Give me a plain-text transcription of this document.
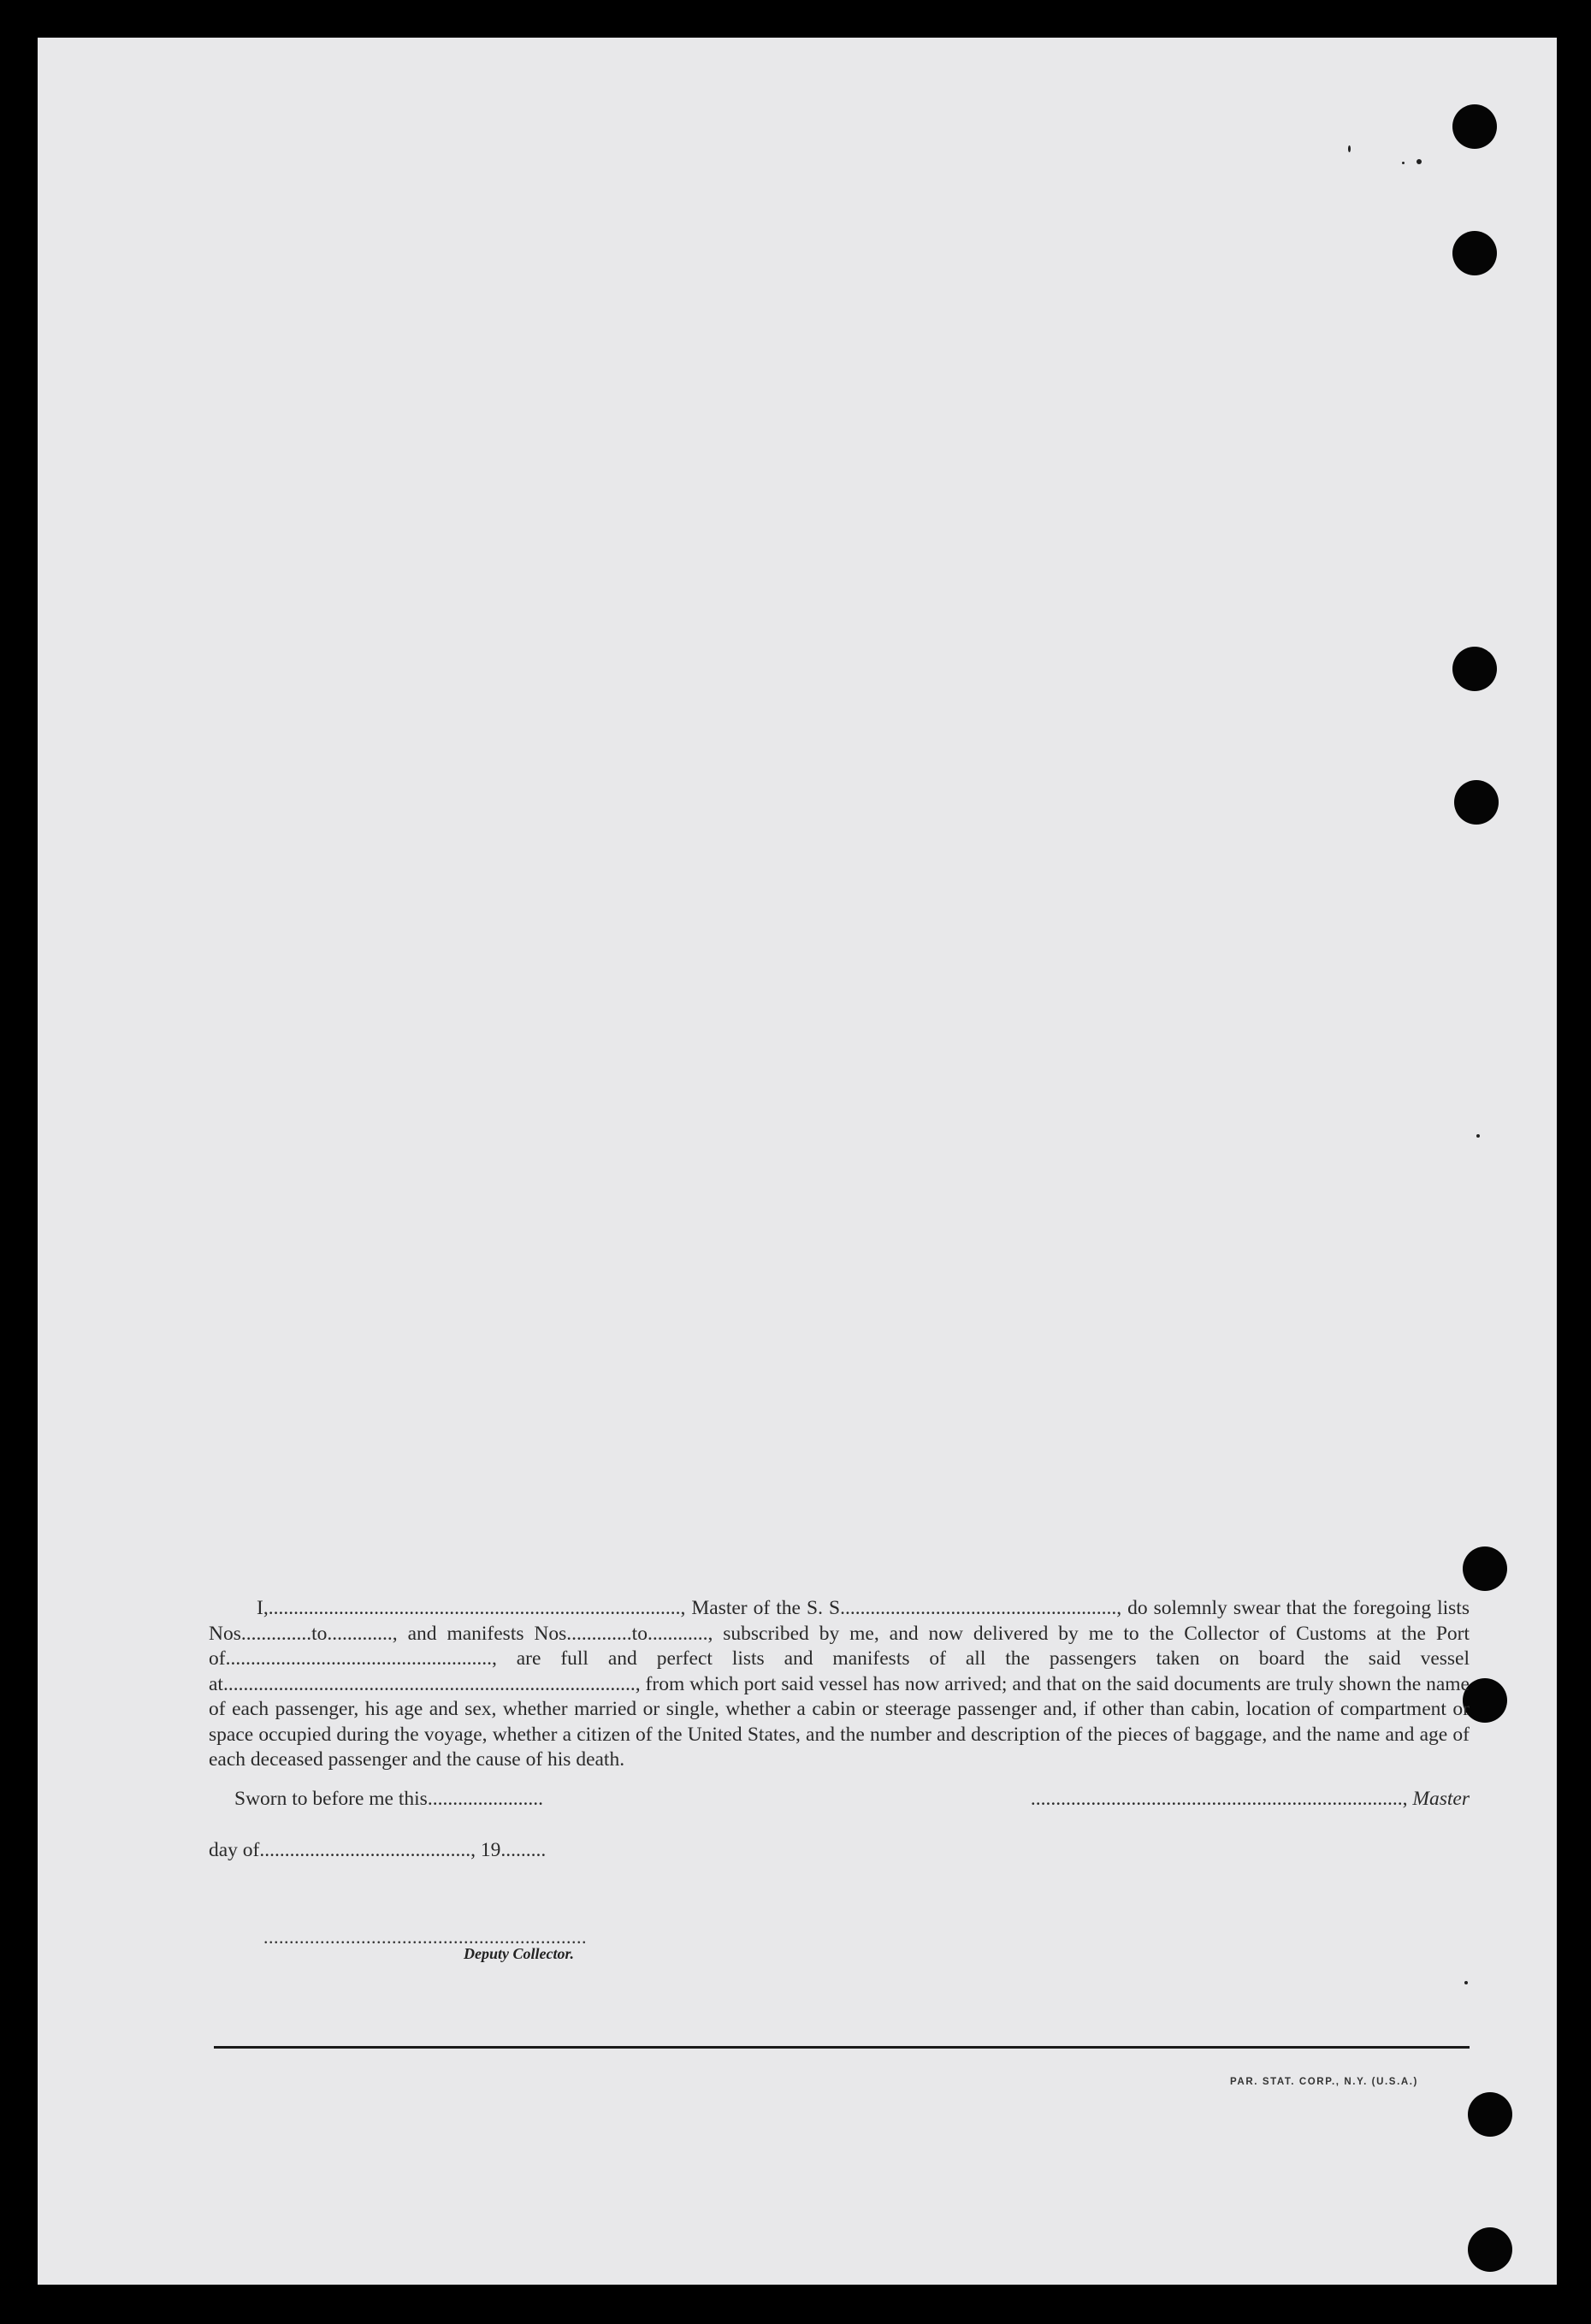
I,.................................................................................., Master of the S. S......................................................., do solemnly swear that the foregoing lists Nos..............to............., and manifests Nos.............to............, subscribed by me, and now delivered by me to the Collector of Customs at the Port of....................................................., are full and perfect lists and manifests of all the passengers taken on board the said vessel at.................................................................................., from which port said vessel has now arrived; and that on the said documents are truly shown the name of each passenger, his age and sex, whether married or single, whether a cabin or steerage passenger and, if other than cabin, location of compartment or space occupied during the voyage, whether a citizen of the United States, and the number and description of the pieces of baggage, and the name and age of each deceased passenger and the cause of his death.

Sworn to before me this.......................	.........................................................................., Master
day of.........................................., 19.........
...............................................................
Deputy Collector.
PAR. STAT. CORP., N.Y. (U.S.A.)
